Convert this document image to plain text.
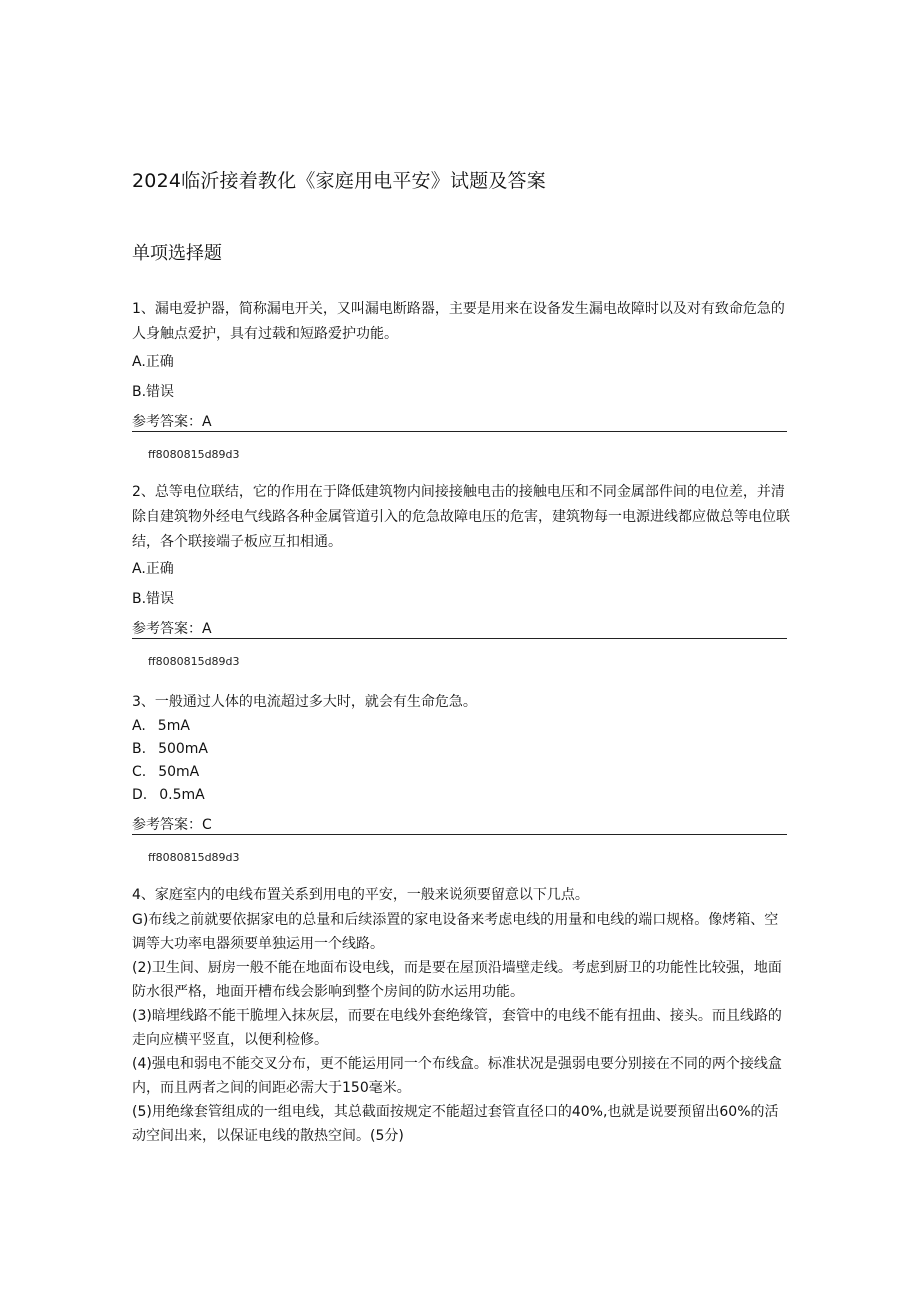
2024临沂接着教化《家庭用电平安》试题及答案
单项选择题
1、漏电爱护器，简称漏电开关，又叫漏电断路器，主要是用来在设备发生漏电故障时以及对有致命危急的人身触点爱护，具有过载和短路爱护功能。
A.正确
B.错误
参考答案：A
ff8080815d89d3
2、总等电位联结，它的作用在于降低建筑物内间接接触电击的接触电压和不同金属部件间的电位差，并清除自建筑物外经电气线路各种金属管道引入的危急故障电压的危害，建筑物每一电源进线都应做总等电位联结，各个联接端子板应互扣相通。
A.正确
B.错误
参考答案：A
ff8080815d89d3
3、一般通过人体的电流超过多大时，就会有生命危急。
A. 5mA
B. 500mA
C. 50mA
D. 0.5mA
参考答案：C
ff8080815d89d3
4、家庭室内的电线布置关系到用电的平安，一般来说须要留意以下几点。
G)布线之前就要依据家电的总量和后续添置的家电设备来考虑电线的用量和电线的端口规格。像烤箱、空调等大功率电器须要单独运用一个线路。
(2)卫生间、厨房一般不能在地面布设电线，而是要在屋顶沿墙壁走线。考虑到厨卫的功能性比较强，地面防水很严格，地面开槽布线会影响到整个房间的防水运用功能。
(3)暗埋线路不能干脆埋入抹灰层，而要在电线外套绝缘管，套管中的电线不能有扭曲、接头。而且线路的走向应横平竖直，以便利检修。
(4)强电和弱电不能交叉分布，更不能运用同一个布线盒。标准状况是强弱电要分别接在不同的两个接线盒内，而且两者之间的间距必需大于150毫米。
(5)用绝缘套管组成的一组电线，其总截面按规定不能超过套管直径口的40%,也就是说要预留出60%的活动空间出来，以保证电线的散热空间。(5分)
